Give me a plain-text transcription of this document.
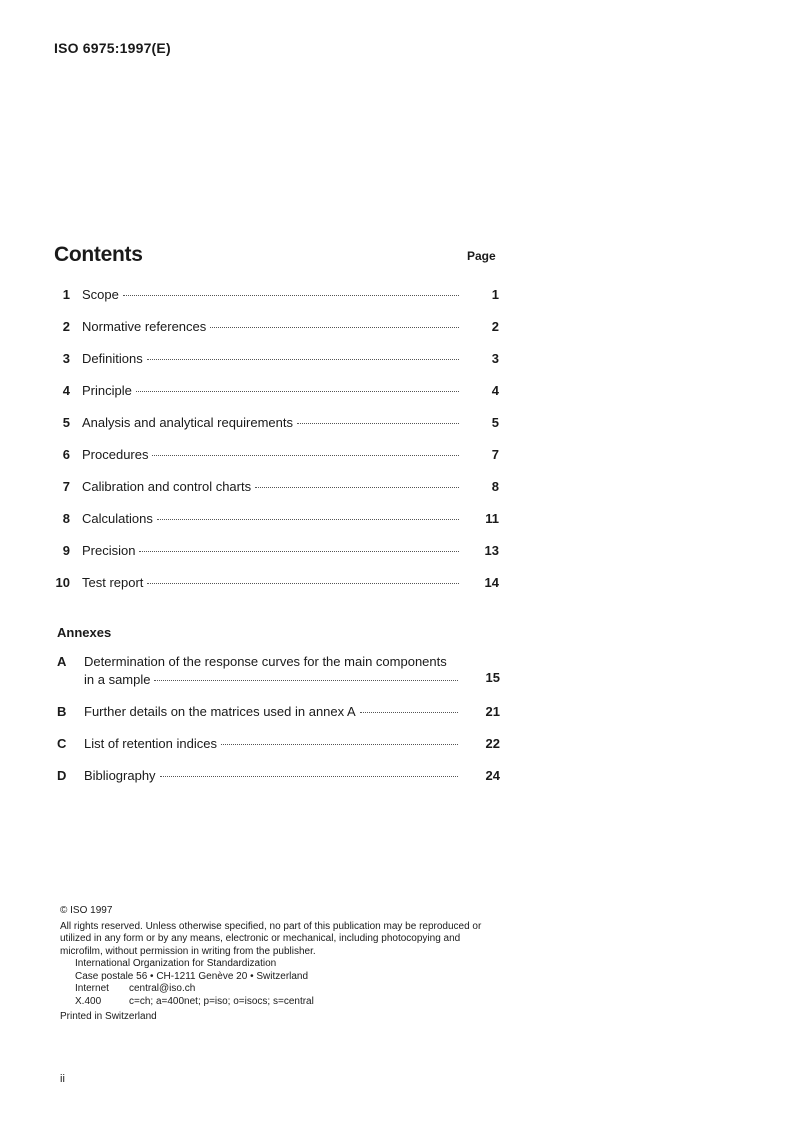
ISO 6975:1997(E)
Contents	Page
1 Scope	1
2 Normative references	2
3 Definitions	3
4 Principle	4
5 Analysis and analytical requirements	5
6 Procedures	7
7 Calibration and control charts	8
8 Calculations	11
9 Precision	13
10 Test report	14
Annexes
A Determination of the response curves for the main components
in a sample	15
B Further details on the matrices used in annex A	21
C List of retention indices	22
D Bibliography	24

© ISO 1997

All rights reserved. Unless otherwise specified, no part of this publication may be reproduced or utilized in any form or by any means, electronic or mechanical, including photocopying and microfilm, without permission in writing from the publisher.

International Organization for Standardization

Case postale 56 • CH-1211 Genève 20 • Switzerland

Internet	central@iso.ch
X.400	c=ch; a=400net; p=iso; o=isocs; s=central

Printed in Switzerland

ii
